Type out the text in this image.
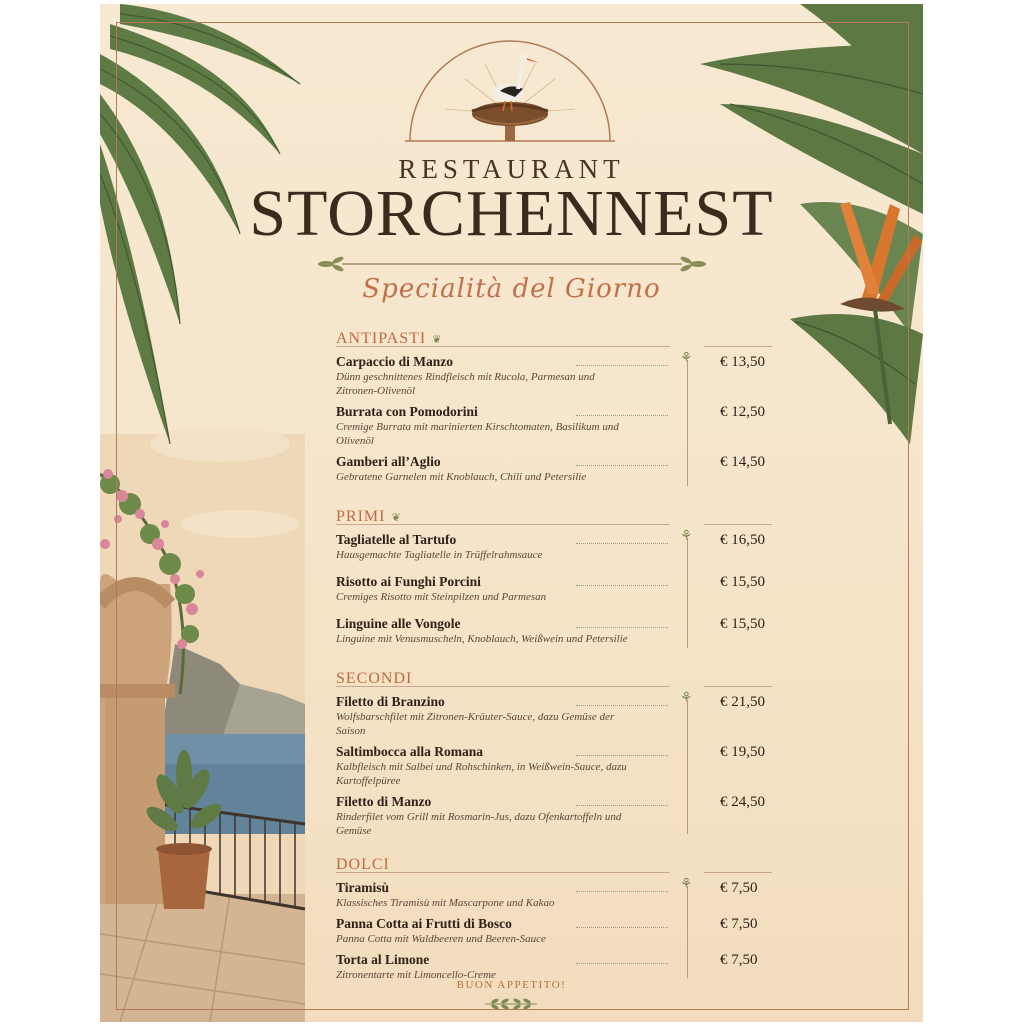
RESTAURANT
STORCHENNEST
Specialità del Giorno
ANTIPASTI ❦
⚘
Carpaccio di Manzo
Dünn geschnittenes Rindfleisch mit Rucola, Parmesan und Zitronen-Olivenöl
€ 13,50
Burrata con Pomodorini
Cremige Burrata mit marinierten Kirschtomaten, Basilikum und Olivenöl
€ 12,50
Gamberi all’Aglio
Gebratene Garnelen mit Knoblauch, Chili und Petersilie
€ 14,50
PRIMI ❦
⚘
Tagliatelle al Tartufo
Hausgemachte Tagliatelle in Trüffelrahmsauce
€ 16,50
Risotto ai Funghi Porcini
Cremiges Risotto mit Steinpilzen und Parmesan
€ 15,50
Linguine alle Vongole
Linguine mit Venusmuscheln, Knoblauch, Weißwein und Petersilie
€ 15,50
SECONDI
⚘
Filetto di Branzino
Wolfsbarschfilet mit Zitronen-Kräuter-Sauce, dazu Gemüse der Saison
€ 21,50
Saltimbocca alla Romana
Kalbfleisch mit Salbei und Rohschinken, in Weißwein-Sauce, dazu Kartoffelpüree
€ 19,50
Filetto di Manzo
Rinderfilet vom Grill mit Rosmarin-Jus, dazu Ofenkartoffeln und Gemüse
€ 24,50
DOLCI
⚘
Tiramisù
Klassisches Tiramisù mit Mascarpone und Kakao
€ 7,50
Panna Cotta ai Frutti di Bosco
Panna Cotta mit Waldbeeren und Beeren-Sauce
€ 7,50
Torta al Limone
Zitronentarte mit Limoncello-Creme
€ 7,50
BUON APPETITO!
